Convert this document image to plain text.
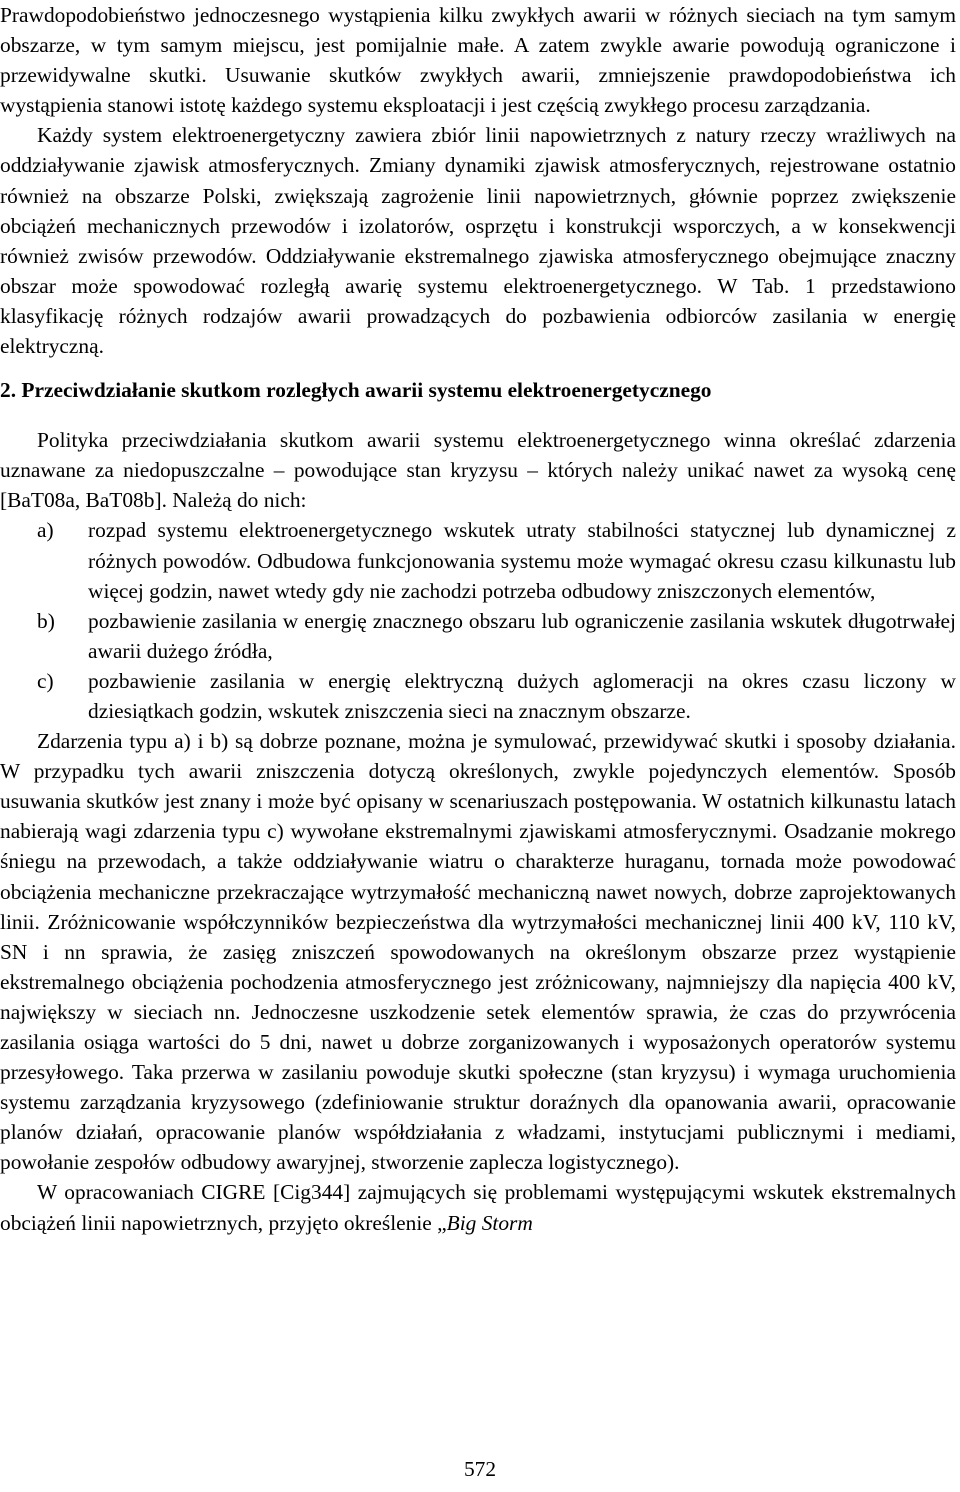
Prawdopodobieństwo jednoczesnego wystąpienia kilku zwykłych awarii w różnych sieciach na tym samym obszarze, w tym samym miejscu, jest pomijalnie małe. A zatem zwykle awarie powodują ograniczone i przewidywalne skutki. Usuwanie skutków zwykłych awarii, zmniejszenie prawdopodobieństwa ich wystąpienia stanowi istotę każdego systemu eksploatacji i jest częścią zwykłego procesu zarządzania.

Każdy system elektroenergetyczny zawiera zbiór linii napowietrznych z natury rzeczy wrażliwych na oddziaływanie zjawisk atmosferycznych. Zmiany dynamiki zjawisk atmosferycznych, rejestrowane ostatnio również na obszarze Polski, zwiększają zagrożenie linii napowietrznych, głównie poprzez zwiększenie obciążeń mechanicznych przewodów i izolatorów, osprzętu i konstrukcji wsporczych, a w konsekwencji również zwisów przewodów. Oddziaływanie ekstremalnego zjawiska atmosferycznego obejmujące znaczny obszar może spowodować rozległą awarię systemu elektroenergetycznego. W Tab. 1 przedstawiono klasyfikację różnych rodzajów awarii prowadzących do pozbawienia odbiorców zasilania w energię elektryczną.

2. Przeciwdziałanie skutkom rozległych awarii systemu elektroenergetycznego

Polityka przeciwdziałania skutkom awarii systemu elektroenergetycznego winna określać zdarzenia uznawane za niedopuszczalne – powodujące stan kryzysu – których należy unikać nawet za wysoką cenę [BaT08a, BaT08b]. Należą do nich:

a) rozpad systemu elektroenergetycznego wskutek utraty stabilności statycznej lub dynamicznej z różnych powodów. Odbudowa funkcjonowania systemu może wymagać okresu czasu kilkunastu lub więcej godzin, nawet wtedy gdy nie zachodzi potrzeba odbudowy zniszczonych elementów,
b) pozbawienie zasilania w energię znacznego obszaru lub ograniczenie zasilania wskutek długotrwałej awarii dużego źródła,
c) pozbawienie zasilania w energię elektryczną dużych aglomeracji na okres czasu liczony w dziesiątkach godzin, wskutek zniszczenia sieci na znacznym obszarze.

Zdarzenia typu a) i b) są dobrze poznane, można je symulować, przewidywać skutki i sposoby działania. W przypadku tych awarii zniszczenia dotyczą określonych, zwykle pojedynczych elementów. Sposób usuwania skutków jest znany i może być opisany w scenariuszach postępowania. W ostatnich kilkunastu latach nabierają wagi zdarzenia typu c) wywołane ekstremalnymi zjawiskami atmosferycznymi. Osadzanie mokrego śniegu na przewodach, a także oddziaływanie wiatru o charakterze huraganu, tornada może powodować obciążenia mechaniczne przekraczające wytrzymałość mechaniczną nawet nowych, dobrze zaprojektowanych linii. Zróżnicowanie współczynników bezpieczeństwa dla wytrzymałości mechanicznej linii 400 kV, 110 kV, SN i nn sprawia, że zasięg zniszczeń spowodowanych na określonym obszarze przez wystąpienie ekstremalnego obciążenia pochodzenia atmosferycznego jest zróżnicowany, najmniejszy dla napięcia 400 kV, największy w sieciach nn. Jednoczesne uszkodzenie setek elementów sprawia, że czas do przywrócenia zasilania osiąga wartości do 5 dni, nawet u dobrze zorganizowanych i wyposażonych operatorów systemu przesyłowego. Taka przerwa w zasilaniu powoduje skutki społeczne (stan kryzysu) i wymaga uruchomienia systemu zarządzania kryzysowego (zdefiniowanie struktur doraźnych dla opanowania awarii, opracowanie planów działań, opracowanie planów współdziałania z władzami, instytucjami publicznymi i mediami, powołanie zespołów odbudowy awaryjnej, stworzenie zaplecza logistycznego).

W opracowaniach CIGRE [Cig344] zajmujących się problemami występującymi wskutek ekstremalnych obciążeń linii napowietrznych, przyjęto określenie „Big Storm

572
